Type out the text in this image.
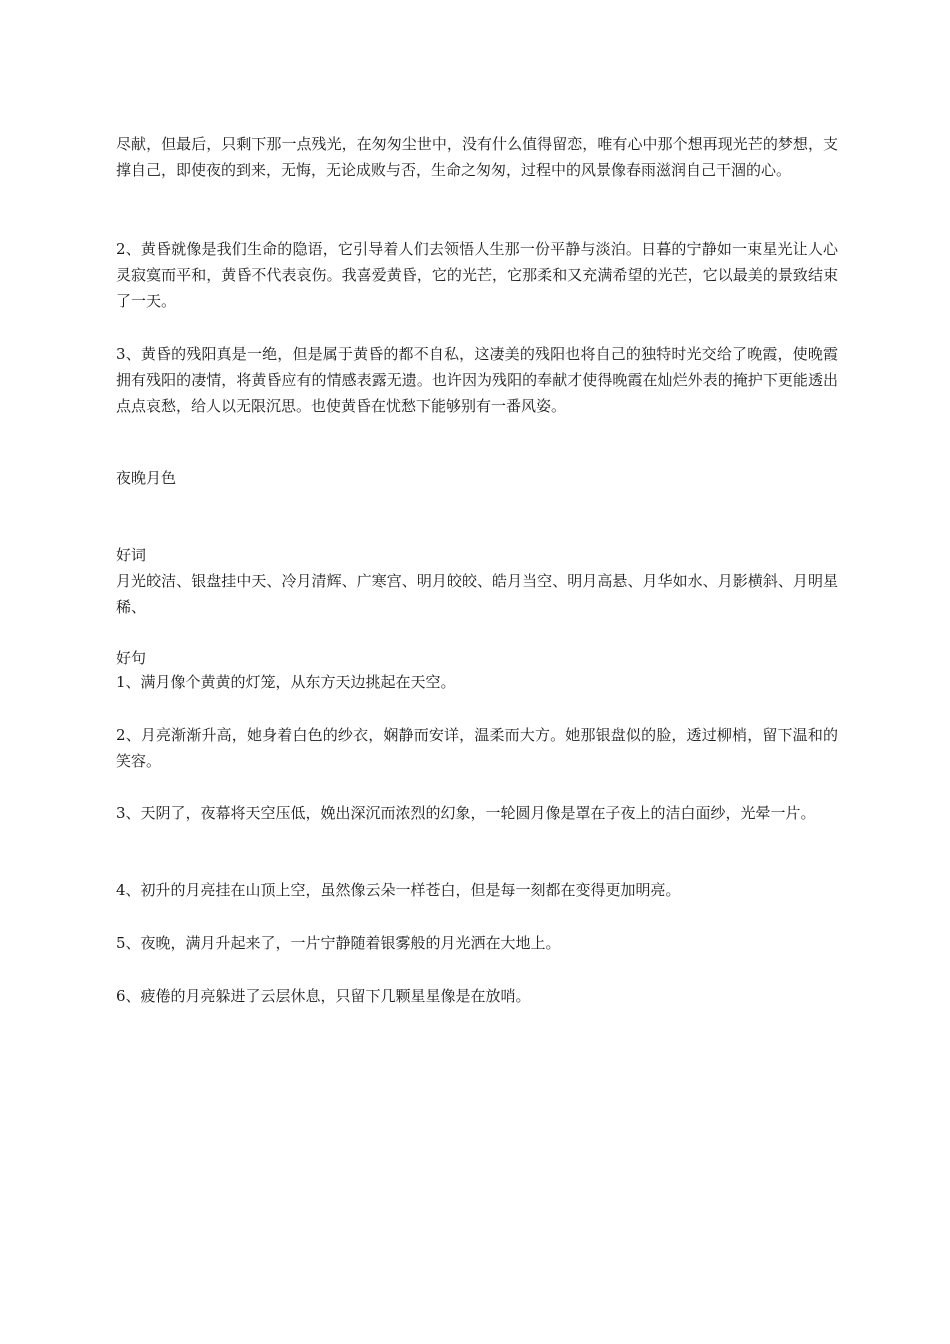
尽献，但最后，只剩下那一点残光，在匆匆尘世中，没有什么值得留恋，唯有心中那个想再现光芒的梦想，支撑自己，即使夜的到来，无悔，无论成败与否，生命之匆匆，过程中的风景像春雨滋润自己干涸的心。

2、黄昏就像是我们生命的隐语，它引导着人们去领悟人生那一份平静与淡泊。日暮的宁静如一束星光让人心灵寂寞而平和，黄昏不代表哀伤。我喜爱黄昏，它的光芒，它那柔和又充满希望的光芒，它以最美的景致结束了一天。

3、黄昏的残阳真是一绝，但是属于黄昏的都不自私，这凄美的残阳也将自己的独特时光交给了晚霞，使晚霞拥有残阳的凄情，将黄昏应有的情感表露无遗。也许因为残阳的奉献才使得晚霞在灿烂外表的掩护下更能透出点点哀愁，给人以无限沉思。也使黄昏在忧愁下能够别有一番风姿。

夜晚月色

好词

月光皎洁、银盘挂中天、冷月清辉、广寒宫、明月皎皎、皓月当空、明月高悬、月华如水、月影横斜、月明星稀、

好句

1、满月像个黄黄的灯笼，从东方天边挑起在天空。

2、月亮渐渐升高，她身着白色的纱衣，娴静而安详，温柔而大方。她那银盘似的脸，透过柳梢，留下温和的笑容。

3、天阴了，夜幕将天空压低，娩出深沉而浓烈的幻象，一轮圆月像是罩在子夜上的洁白面纱，光晕一片。

4、初升的月亮挂在山顶上空，虽然像云朵一样苍白，但是每一刻都在变得更加明亮。

5、夜晚，满月升起来了，一片宁静随着银雾般的月光洒在大地上。

6、疲倦的月亮躲进了云层休息，只留下几颗星星像是在放哨。
